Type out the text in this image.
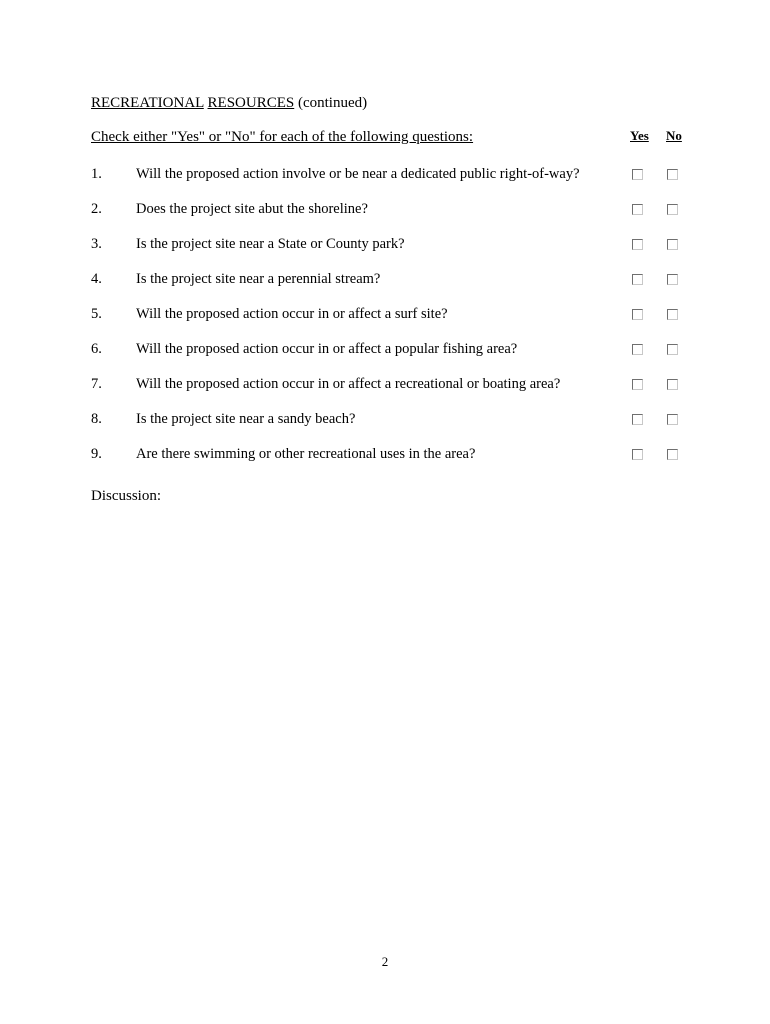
RECREATIONAL RESOURCES (continued)
Check either "Yes" or "No" for each of the following questions:	Yes No
1. Will the proposed action involve or be near a dedicated public right-of-way?
2. Does the project site abut the shoreline?
3. Is the project site near a State or County park?
4. Is the project site near a perennial stream?
5. Will the proposed action occur in or affect a surf site?
6. Will the proposed action occur in or affect a popular fishing area?
7. Will the proposed action occur in or affect a recreational or boating area?
8. Is the project site near a sandy beach?
9. Are there swimming or other recreational uses in the area?
Discussion:
2
